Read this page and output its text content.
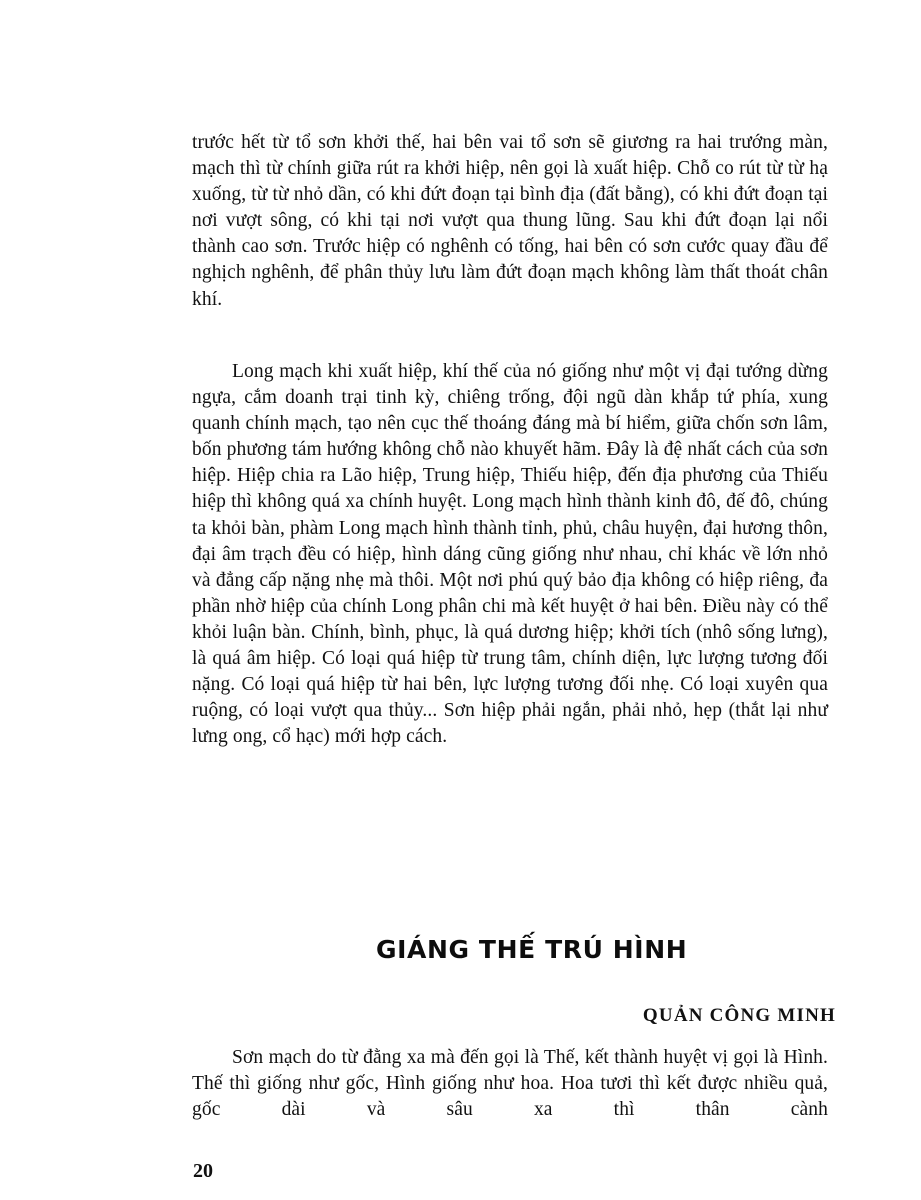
trước hết từ tổ sơn khởi thế, hai bên vai tổ sơn sẽ giương ra hai trướng màn, mạch thì từ chính giữa rút ra khởi hiệp, nên gọi là xuất hiệp. Chỗ co rút từ từ hạ xuống, từ từ nhỏ dần, có khi đứt đoạn tại bình địa (đất bằng), có khi đứt đoạn tại nơi vượt sông, có khi tại nơi vượt qua thung lũng. Sau khi đứt đoạn lại nổi thành cao sơn. Trước hiệp có nghênh có tống, hai bên có sơn cước quay đầu để nghịch nghênh, để phân thủy lưu làm đứt đoạn mạch không làm thất thoát chân khí.

Long mạch khi xuất hiệp, khí thế của nó giống như một vị đại tướng dừng ngựa, cắm doanh trại tinh kỳ, chiêng trống, đội ngũ dàn khắp tứ phía, xung quanh chính mạch, tạo nên cục thế thoáng đáng mà bí hiểm, giữa chốn sơn lâm, bốn phương tám hướng không chỗ nào khuyết hãm. Đây là đệ nhất cách của sơn hiệp. Hiệp chia ra Lão hiệp, Trung hiệp, Thiếu hiệp, đến địa phương của Thiếu hiệp thì không quá xa chính huyệt. Long mạch hình thành kinh đô, đế đô, chúng ta khỏi bàn, phàm Long mạch hình thành tỉnh, phủ, châu huyện, đại hương thôn, đại âm trạch đều có hiệp, hình dáng cũng giống như nhau, chỉ khác về lớn nhỏ và đẳng cấp nặng nhẹ mà thôi. Một nơi phú quý bảo địa không có hiệp riêng, đa phần nhờ hiệp của chính Long phân chi mà kết huyệt ở hai bên. Điều này có thể khỏi luận bàn. Chính, bình, phục, là quá dương hiệp; khởi tích (nhô sống lưng), là quá âm hiệp. Có loại quá hiệp từ trung tâm, chính diện, lực lượng tương đối nặng. Có loại quá hiệp từ hai bên, lực lượng tương đối nhẹ. Có loại xuyên qua ruộng, có loại vượt qua thủy... Sơn hiệp phải ngắn, phải nhỏ, hẹp (thắt lại như lưng ong, cổ hạc) mới hợp cách.

GIÁNG THẾ TRÚ HÌNH
QUẢN CÔNG MINH

Sơn mạch do từ đằng xa mà đến gọi là Thế, kết thành huyệt vị gọi là Hình. Thế thì giống như gốc, Hình giống như hoa. Hoa tươi thì kết được nhiều quả, gốc dài và sâu xa thì thân cành

20
